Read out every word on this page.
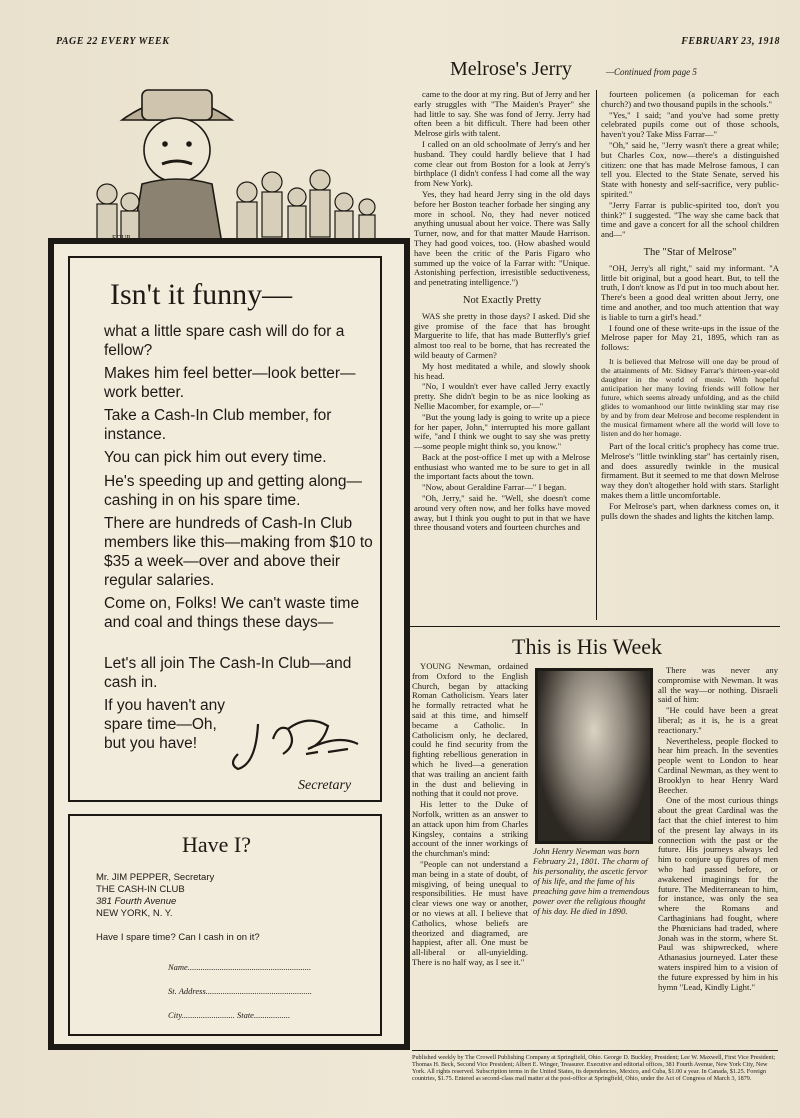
PAGE 22 EVERY WEEK	FEBRUARY 23, 1918
Isn't it funny—
what a little spare cash will do for a fellow?
Makes him feel better—look better—work better.
Take a Cash-In Club member, for instance.
You can pick him out every time.
He's speeding up and getting along—cashing in on his spare time.
There are hundreds of Cash-In Club members like this—making from $10 to $35 a week—over and above their regular salaries.
Come on, Folks! We can't waste time and coal and things these days—
Let's all join The Cash-In Club—and cash in.
If you haven't any spare time—Oh, but you have!
Secretary
Have I?
Mr. JIM PEPPER, Secretary
THE CASH-IN CLUB
381 Fourth Avenue
NEW YORK, N. Y.
Have I spare time? Can I cash in on it?
Name..........................................................
St. Address..................................................
City......................... State.................
Melrose's Jerry	—Continued from page 5

came to the door at my ring. But of Jerry and her early struggles with "The Maiden's Prayer" she had little to say. She was fond of Jerry. Jerry had often been a bit difficult. There had been other Melrose girls with talent.

I called on an old schoolmate of Jerry's and her husband. They could hardly believe that I had come clear out from Boston for a look at Jerry's birthplace (I didn't confess I had come all the way from New York).

Yes, they had heard Jerry sing in the old days before her Boston teacher forbade her singing any more in school. No, they had never noticed anything unusual about her voice. There was Sally Turner, now, and for that matter Maude Harrison. They had good voices, too. (How abashed would have been the critic of the Paris Figaro who summed up the voice of la Farrar with: "Unique. Astonishing perfection, irresistible seductiveness, and penetrating intelligence.")

Not Exactly Pretty

WAS she pretty in those days? I asked. Did she give promise of the face that has brought Marguerite to life, that has made Butterfly's grief almost too real to be borne, that has recreated the wild beauty of Carmen?

My host meditated a while, and slowly shook his head.

"No, I wouldn't ever have called Jerry exactly pretty. She didn't begin to be as nice looking as Nellie Macomber, for example, or—"

"But the young lady is going to write up a piece for her paper, John," interrupted his more gallant wife, "and I think we ought to say she was pretty—some people might think so, you know."

Back at the post-office I met up with a Melrose enthusiast who wanted me to be sure to get in all the important facts about the town.

"Now, about Geraldine Farrar—" I began.

"Oh, Jerry," said he. "Well, she doesn't come around very often now, and her folks have moved away, but I think you ought to put in that we have three thousand voters and fourteen churches and

fourteen policemen (a policeman for each church?) and two thousand pupils in the schools."

"Yes," I said; "and you've had some pretty celebrated pupils come out of those schools, haven't you? Take Miss Farrar—"

"Oh," said he, "Jerry wasn't there a great while; but Charles Cox, now—there's a distinguished citizen: one that has made Melrose famous, I can tell you. Elected to the State Senate, served his State with honesty and self-sacrifice, very public-spirited."

"Jerry Farrar is public-spirited too, don't you think?" I suggested. "The way she came back that time and gave a concert for all the school children and—"

The "Star of Melrose"

"OH, Jerry's all right," said my informant. "A little bit original, but a good heart. But, to tell the truth, I don't know as I'd put in too much about her. There's been a good deal written about Jerry, one time and another, and too much attention that way is liable to turn a girl's head."

I found one of these write-ups in the issue of the Melrose paper for May 21, 1895, which ran as follows:

It is believed that Melrose will one day be proud of the attainments of Mr. Sidney Farrar's thirteen-year-old daughter in the world of music. With hopeful anticipation her many loving friends will follow her future, which seems already unfolding, and as the child glides to womanhood our little twinkling star may rise by and by from dear Melrose and become resplendent in the musical firmament where all the world will love to listen and do her homage.

Part of the local critic's prophecy has come true. Melrose's "little twinkling star" has certainly risen, and does assuredly twinkle in the musical firmament. But it seemed to me that down Melrose way they don't altogether hold with stars. Starlight makes them a little uncomfortable.

For Melrose's part, when darkness comes on, it pulls down the shades and lights the kitchen lamp.

This is His Week

YOUNG Newman, ordained from Oxford to the English Church, began by attacking Roman Catholicism. Years later he formally retracted what he said at this time, and himself became a Catholic. In Catholicism only, he declared, could he find security from the fighting rebellious generation in which he lived—a generation that was trailing an ancient faith in the dust and believing in nothing that it could not prove.

His letter to the Duke of Norfolk, written as an answer to an attack upon him from Charles Kingsley, contains a striking account of the inner workings of the churchman's mind:

"People can not understand a man being in a state of doubt, of misgiving, of being unequal to responsibilities. He must have clear views one way or another, or no views at all. I believe that Catholics, whose beliefs are theorized and diagramed, are happiest, after all. One must be all-liberal or all-unyielding. There is no half way, as I see it."

John Henry Newman was born February 21, 1801. The charm of his personality, the ascetic fervor of his life, and the fame of his preaching gave him a tremendous power over the religious thought of his day. He died in 1890.

There was never any compromise with Newman. It was all the way—or nothing. Disraeli said of him:

"He could have been a great liberal; as it is, he is a great reactionary."

Nevertheless, people flocked to hear him preach. In the seventies people went to London to hear Cardinal Newman, as they went to Brooklyn to hear Henry Ward Beecher.

One of the most curious things about the great Cardinal was the fact that the chief interest to him of the present lay always in its connection with the past or the future. His journeys always led him to conjure up figures of men who had passed before, or awakened imaginings for the future. The Mediterranean to him, for instance, was only the sea where the Romans and Carthaginians had fought, where the Phœnicians had traded, where Jonah was in the storm, where St. Paul was shipwrecked, where Athanasius journeyed. Later these waters inspired him to a vision of the future expressed by him in his hymn "Lead, Kindly Light."

Published weekly by The Crowell Publishing Company at Springfield, Ohio. George D. Buckley, President; Lee W. Maxwell, First Vice President; Thomas H. Beck, Second Vice President; Albert E. Winger, Treasurer. Executive and editorial offices, 381 Fourth Avenue, New York City, New York. All rights reserved. Subscription terms in the United States, its dependencies, Mexico, and Cuba, $1.00 a year. In Canada, $1.25. Foreign countries, $1.75. Entered as second-class mail matter at the post-office at Springfield, Ohio, under the Act of Congress of March 3, 1879.
